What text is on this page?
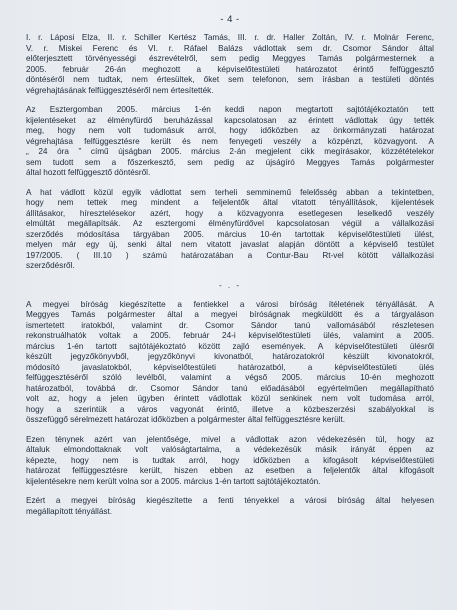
- 4 -
I. r. Láposi Elza, II. r. Schiller Kertész Tamás, III. r. dr. Haller Zoltán, IV. r. Molnár Ferenc,
V. r. Miskei Ferenc és VI. r. Ráfael Balázs vádlottak sem dr. Csomor Sándor által
előterjesztett törvényességi észrevételről, sem pedig Meggyes Tamás polgármesternek a
2005. február 26-án meghozott a képviselőtestületi határozatot érintő felfüggesztő
döntéséről nem tudtak, nem értesültek, őket sem telefonon, sem írásban a testületi döntés
végrehajtásának felfüggesztéséről nem értesítették.
Az Esztergomban 2005. március 1-én keddi napon megtartott sajtótájékoztatón tett
kijelentéseket az élményfürdő beruházással kapcsolatosan az érintett vádlottak úgy tették
meg, hogy nem volt tudomásuk arról, hogy időközben az önkormányzati határozat
végrehajtása felfüggesztésre került és nem fenyegeti veszély a közpénzt, közvagyont. A
„ 24 óra ” című újságban 2005. március 2-án megjelent cikk megírásakor, közzétételekor
sem tudott sem a főszerkesztő, sem pedig az újságíró Meggyes Tamás polgármester
által hozott felfüggesztő döntésről.
A hat vádlott közül egyik vádlottat sem terheli semminemű felelősség abban a tekintetben,
hogy nem tettek meg mindent a feljelentők által vitatott tényállítások, kijelentések
állításakor, híresztelésekor azért, hogy a közvagyonra esetlegesen leselkedő veszély
elmúltát megállapítsák. Az esztergomi élményfürdővel kapcsolatosan végül a vállalkozási
szerződés módosítása tárgyában 2005. március 10-én tartottak képviselőtestületi ülést,
melyen már egy új, senki által nem vitatott javaslat alapján döntött a képviselő testület
197/2005. ( III.10 ) számú határozatában a Contur-Bau Rt-vel kötött vállalkozási
szerződésről.
- . -
A megyei bíróság kiegészítette a fentiekkel a városi bíróság ítéletének tényállását. A
Meggyes Tamás polgármester által a megyei bíróságnak megküldött és a tárgyaláson
ismertetett iratokból, valamint dr. Csomor Sándor tanú vallomásából részletesen
rekonstruálhatók voltak a 2005. február 24-i képviselőtestületi ülés, valamint a 2005.
március 1-én tartott sajtótájékoztató között zajló események. A képviselőtestületi ülésről
készült jegyzőkönyvből, jegyzőkönyvi kivonatból, határozatokról készült kivonatokról,
módosító javaslatokból, képviselőtestületi határozatból, a képviselőtestületi ülés
felfüggesztéséről szóló levélből, valamint a végső 2005. március 10-én meghozott
határozatból, továbbá dr. Csomor Sándor tanú előadásából egyértelműen megállapítható
volt az, hogy a jelen ügyben érintett vádlottak közül senkinek nem volt tudomása arról,
hogy a szerintük a város vagyonát érintő, illetve a közbeszerzési szabályokkal is
összefüggő sérelmezett határozat időközben a polgármester által felfüggesztésre került.
Ezen ténynek azért van jelentősége, mivel a vádlottak azon védekezésén túl, hogy az
általuk elmondottaknak volt valóságtartalma, a védekezésük másik irányát éppen az
képezte, hogy nem is tudtak arról, hogy időközben a kifogásolt képviselőtestületi
határozat felfüggesztésre került, hiszen ebben az esetben a feljelentők által kifogásolt
kijelentésekre nem került volna sor a 2005. március 1-én tartott sajtótájékoztatón.
Ezért a megyei bíróság kiegészítette a fenti tényekkel a városi bíróság által helyesen
megállapított tényállást.
